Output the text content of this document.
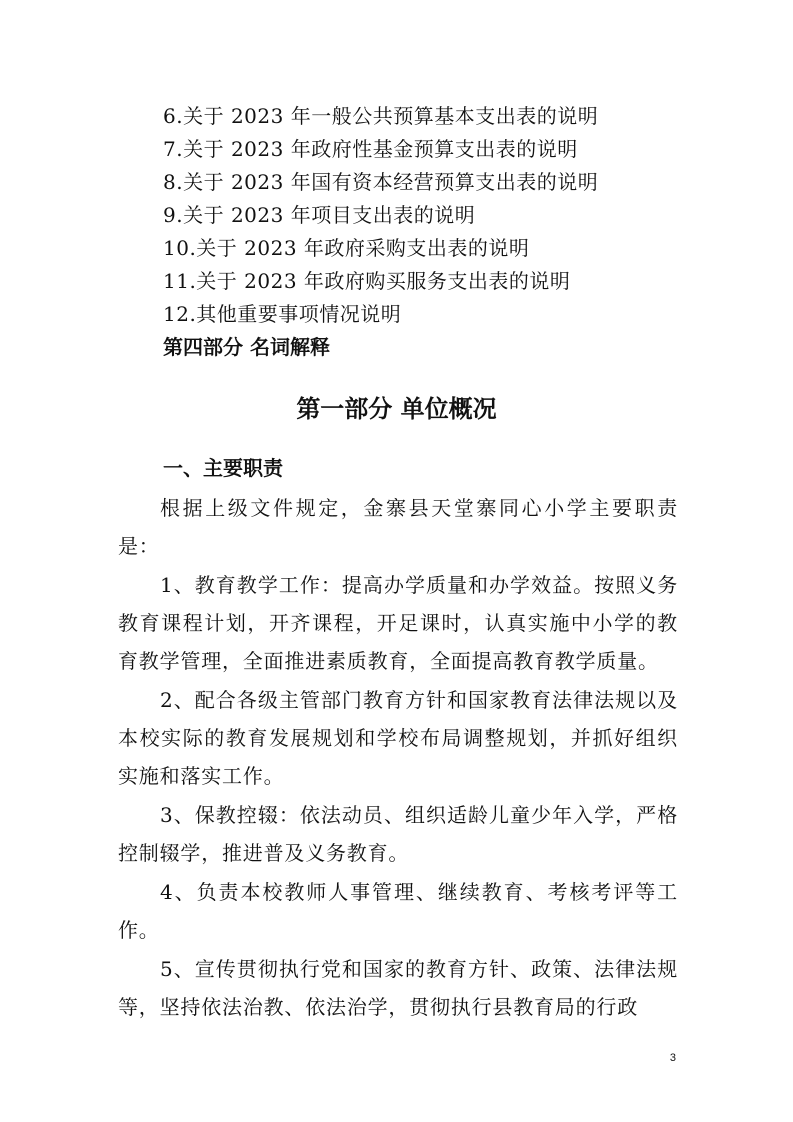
6.关于 2023 年一般公共预算基本支出表的说明
7.关于 2023 年政府性基金预算支出表的说明
8.关于 2023 年国有资本经营预算支出表的说明
9.关于 2023 年项目支出表的说明
10.关于 2023 年政府采购支出表的说明
11.关于 2023 年政府购买服务支出表的说明
12.其他重要事项情况说明
第四部分 名词解释
第一部分 单位概况
一、主要职责

根据上级文件规定，金寨县天堂寨同心小学主要职责是：

1、教育教学工作：提高办学质量和办学效益。按照义务教育课程计划，开齐课程，开足课时，认真实施中小学的教育教学管理，全面推进素质教育，全面提高教育教学质量。

2、配合各级主管部门教育方针和国家教育法律法规以及本校实际的教育发展规划和学校布局调整规划，并抓好组织实施和落实工作。

3、保教控辍：依法动员、组织适龄儿童少年入学，严格控制辍学，推进普及义务教育。

4、负责本校教师人事管理、继续教育、考核考评等工作。

5、宣传贯彻执行党和国家的教育方针、政策、法律法规等，坚持依法治教、依法治学，贯彻执行县教育局的行政

3
